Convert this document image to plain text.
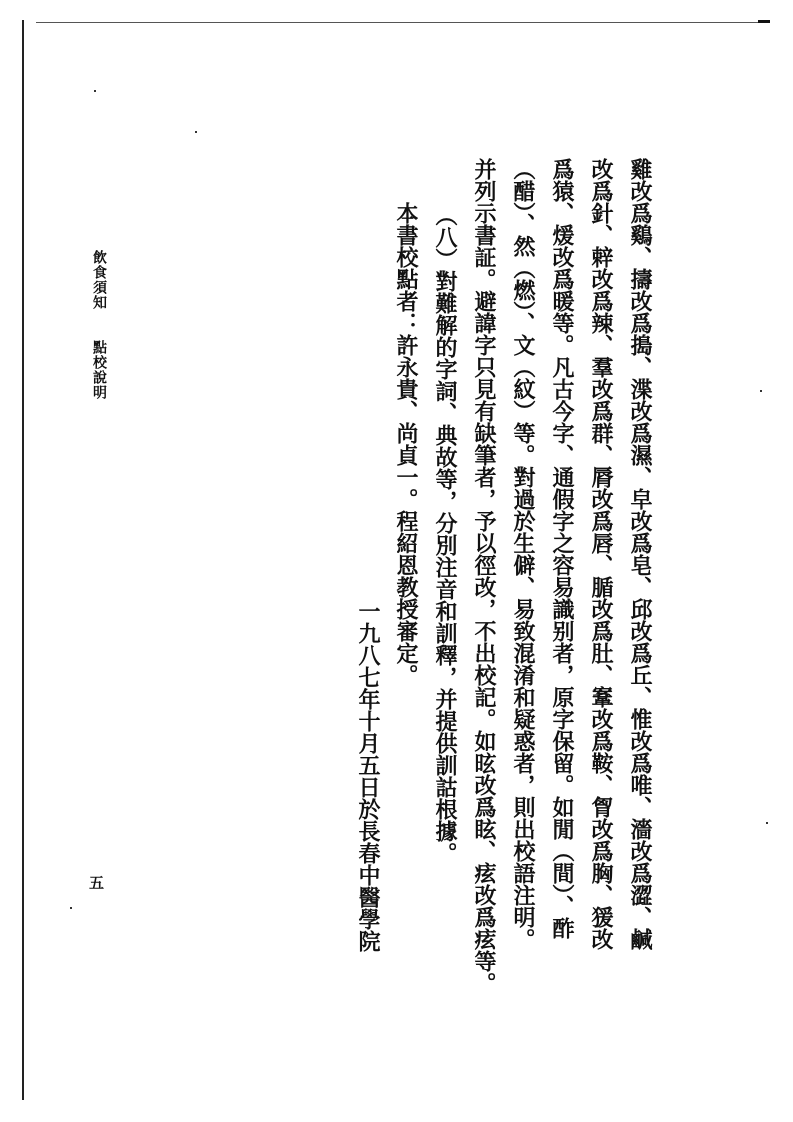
飲食須知
點校說明
五	雞改爲鷄、擣改爲搗、渫改爲濕、皁改爲皂、邱改爲丘、惟改爲唯、濇改爲澀、鹹
改爲針、辢改爲辣、羣改爲群、脣改爲唇、腯改爲肚、鞌改爲鞍、胷改爲胸、猨改
爲猿、煖改爲暖等。凡古今字、通假字之容易識别者，原字保留。如閒（間）、酢
（醋）、然（燃）、文（紋）等。對過於生僻、易致混淆和疑惑者，則出校語注明。
并列示書証。避諱字只見有缺筆者，予以徑改，不出校記。如昡改爲眩、痃改爲痃等。
（八）對難解的字詞、典故等，分別注音和訓釋，并提供訓詁根據。
本書校點者：許永貴、尚貞一。程紹恩教授審定。
一九八七年十月五日於長春中醫學院
